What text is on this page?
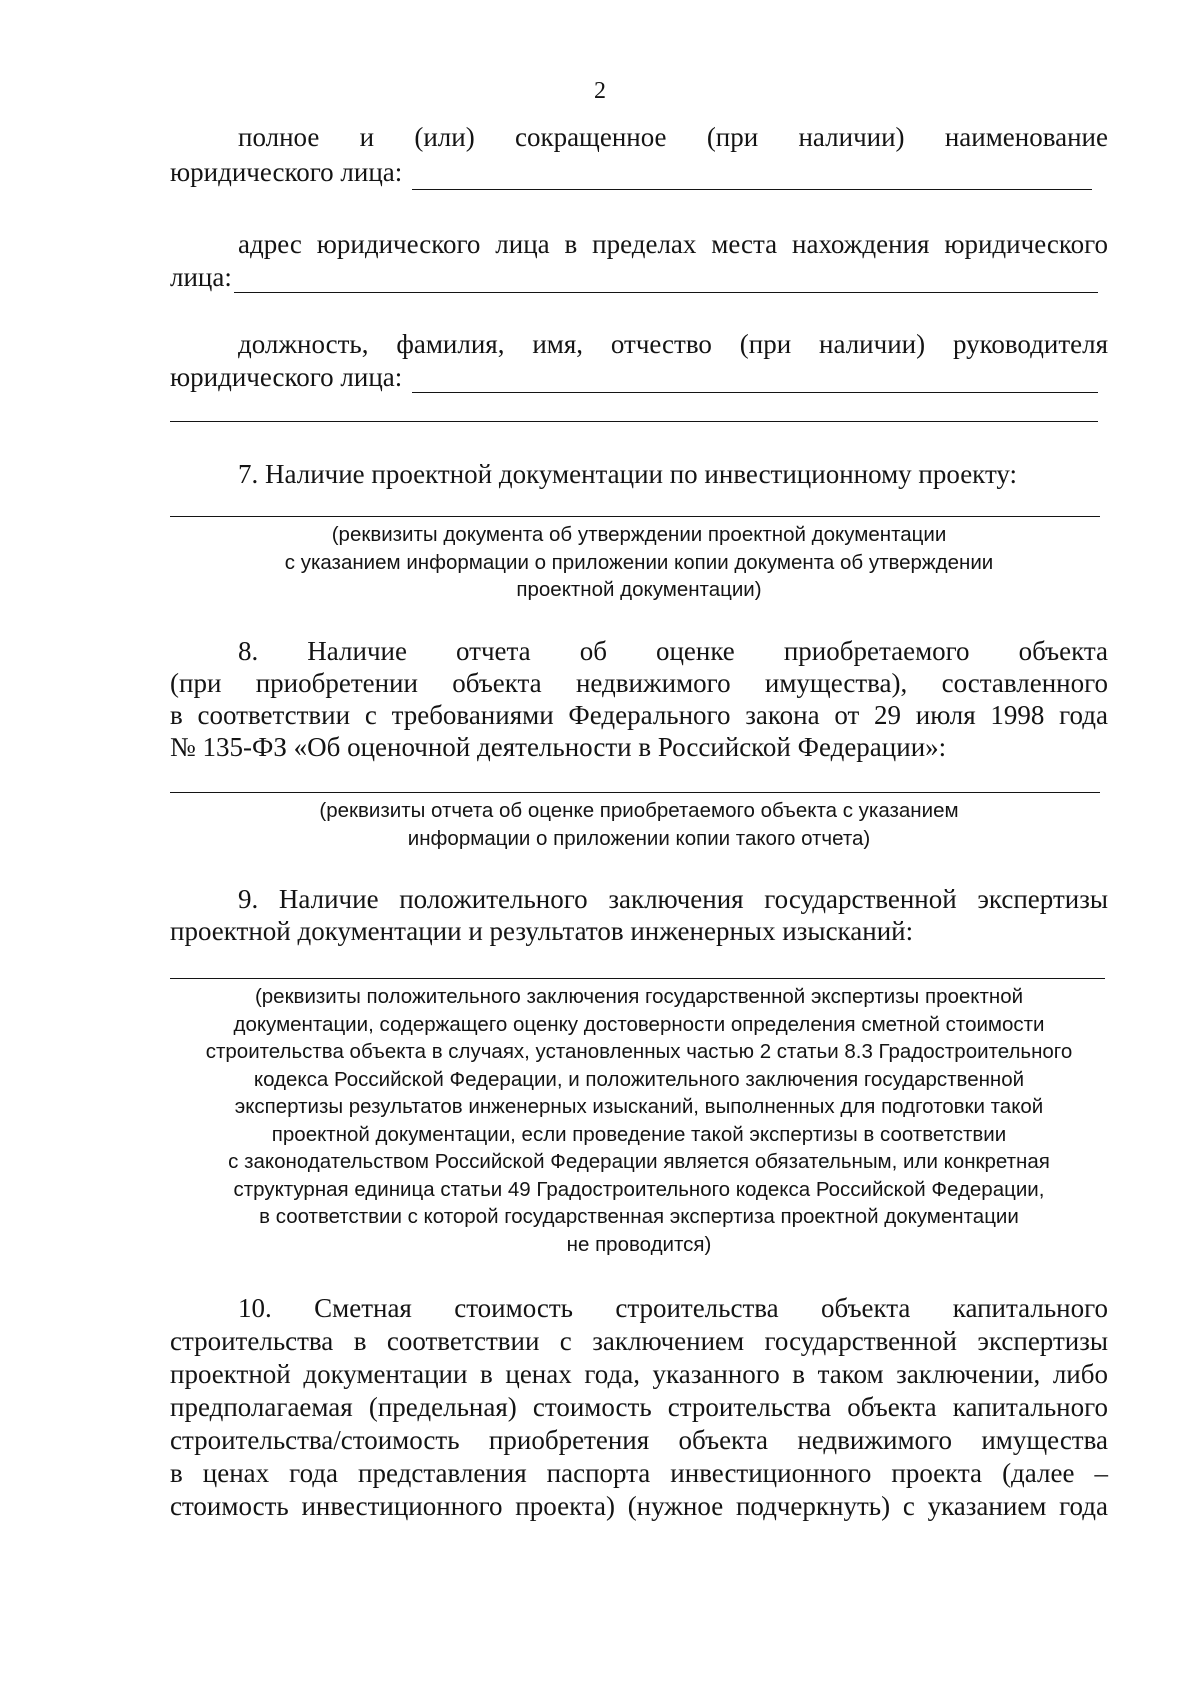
2
полное и (или) сокращенное (при наличии) наименование
юридического лица:
адрес юридического лица в пределах места нахождения юридического
лица:
должность, фамилия, имя, отчество (при наличии) руководителя
юридического лица:
7. Наличие проектной документации по инвестиционному проекту:
(реквизиты документа об утверждении проектной документации
с указанием информации о приложении копии документа об утверждении
проектной документации)
8. Наличие отчета об оценке приобретаемого объекта
(при приобретении объекта недвижимого имущества), составленного
в соответствии с требованиями Федерального закона от 29 июля 1998 года
№ 135-ФЗ «Об оценочной деятельности в Российской Федерации»:
(реквизиты отчета об оценке приобретаемого объекта с указанием
информации о приложении копии такого отчета)
9. Наличие положительного заключения государственной экспертизы
проектной документации и результатов инженерных изысканий:
(реквизиты положительного заключения государственной экспертизы проектной
документации, содержащего оценку достоверности определения сметной стоимости
строительства объекта в случаях, установленных частью 2 статьи 8.3 Градостроительного
кодекса Российской Федерации, и положительного заключения государственной
экспертизы результатов инженерных изысканий, выполненных для подготовки такой
проектной документации, если проведение такой экспертизы в соответствии
с законодательством Российской Федерации является обязательным, или конкретная
структурная единица статьи 49 Градостроительного кодекса Российской Федерации,
в соответствии с которой государственная экспертиза проектной документации
не проводится)
10. Сметная стоимость строительства объекта капитального
строительства в соответствии с заключением государственной экспертизы
проектной документации в ценах года, указанного в таком заключении, либо
предполагаемая (предельная) стоимость строительства объекта капитального
строительства/стоимость приобретения объекта недвижимого имущества
в ценах года представления паспорта инвестиционного проекта (далее –
стоимость инвестиционного проекта) (нужное подчеркнуть) с указанием года
